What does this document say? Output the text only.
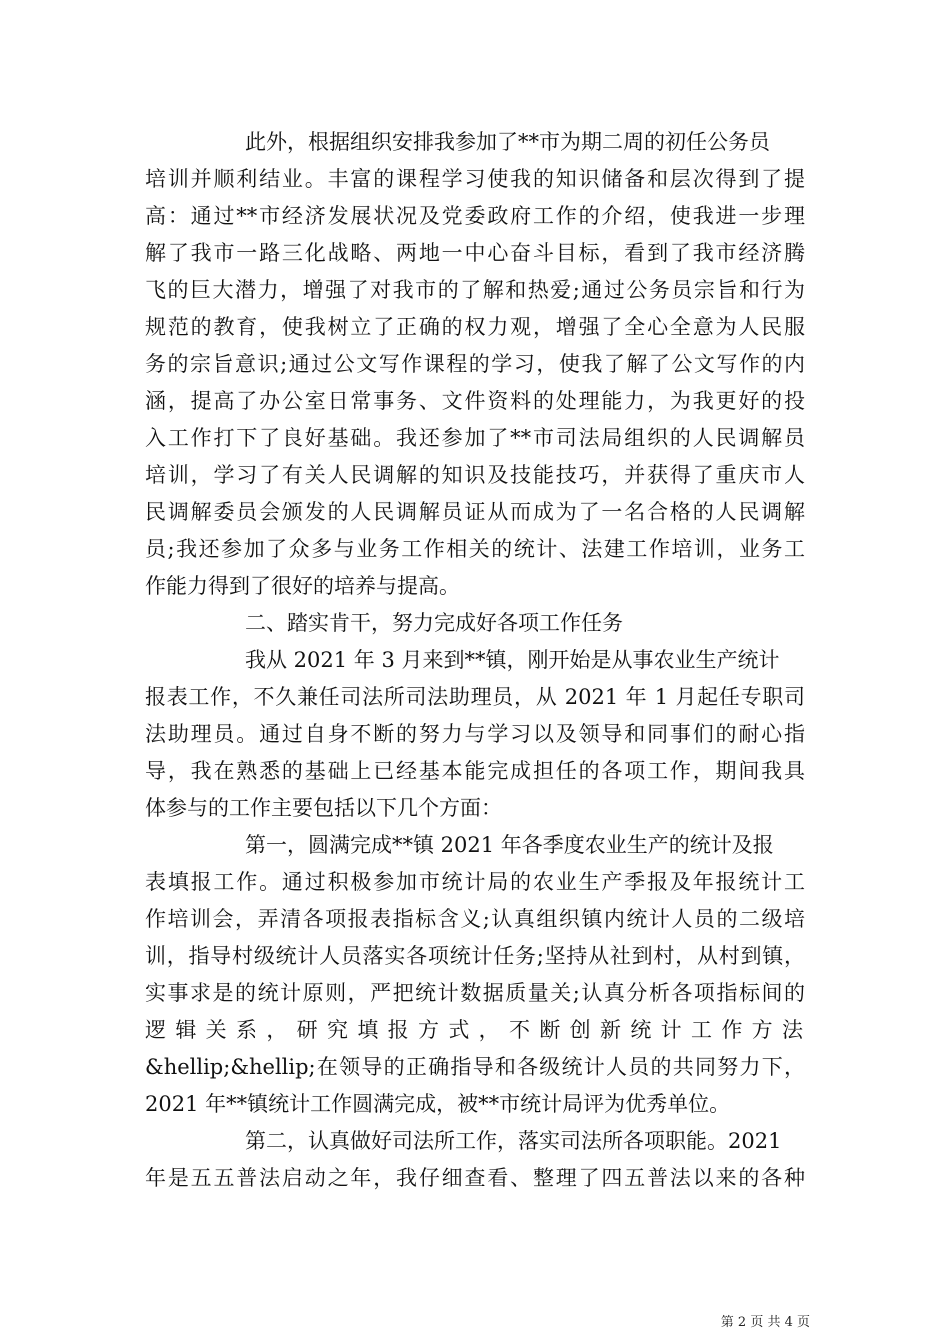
此外，根据组织安排我参加了**市为期二周的初任公务员
培训并顺利结业。丰富的课程学习使我的知识储备和层次得到了提
高：通过**市经济发展状况及党委政府工作的介绍，使我进一步理
解了我市一路三化战略、两地一中心奋斗目标，看到了我市经济腾
飞的巨大潜力，增强了对我市的了解和热爱;通过公务员宗旨和行为
规范的教育，使我树立了正确的权力观，增强了全心全意为人民服
务的宗旨意识;通过公文写作课程的学习，使我了解了公文写作的内
涵，提高了办公室日常事务、文件资料的处理能力，为我更好的投
入工作打下了良好基础。我还参加了**市司法局组织的人民调解员
培训，学习了有关人民调解的知识及技能技巧，并获得了重庆市人
民调解委员会颁发的人民调解员证从而成为了一名合格的人民调解
员;我还参加了众多与业务工作相关的统计、法建工作培训，业务工
作能力得到了很好的培养与提高。
二、踏实肯干，努力完成好各项工作任务
我从 2021 年 3 月来到**镇，刚开始是从事农业生产统计
报表工作，不久兼任司法所司法助理员，从 2021 年 1 月起任专职司
法助理员。通过自身不断的努力与学习以及领导和同事们的耐心指
导，我在熟悉的基础上已经基本能完成担任的各项工作，期间我具
体参与的工作主要包括以下几个方面：
第一，圆满完成**镇 2021 年各季度农业生产的统计及报
表填报工作。通过积极参加市统计局的农业生产季报及年报统计工
作培训会，弄清各项报表指标含义;认真组织镇内统计人员的二级培
训，指导村级统计人员落实各项统计任务;坚持从社到村，从村到镇，
实事求是的统计原则，严把统计数据质量关;认真分析各项指标间的
逻辑关系，研究填报方式，不断创新统计工作方法
&hellip;&hellip;在领导的正确指导和各级统计人员的共同努力下，
2021 年**镇统计工作圆满完成，被**市统计局评为优秀单位。
第二，认真做好司法所工作，落实司法所各项职能。2021
年是五五普法启动之年，我仔细查看、整理了四五普法以来的各种
第 2 页 共 4 页
